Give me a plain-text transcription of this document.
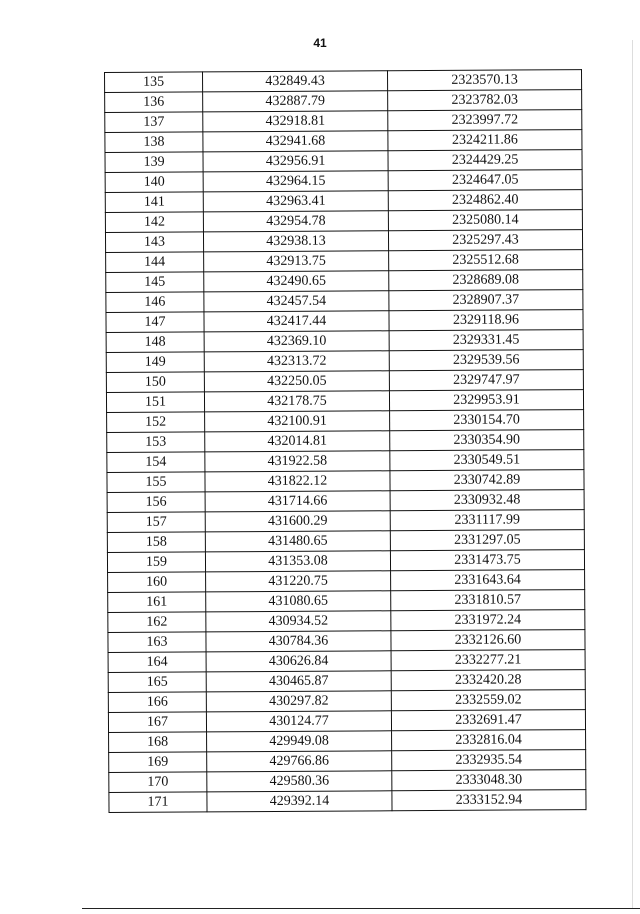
41
135	432849.43	2323570.13
136	432887.79	2323782.03
137	432918.81	2323997.72
138	432941.68	2324211.86
139	432956.91	2324429.25
140	432964.15	2324647.05
141	432963.41	2324862.40
142	432954.78	2325080.14
143	432938.13	2325297.43
144	432913.75	2325512.68
145	432490.65	2328689.08
146	432457.54	2328907.37
147	432417.44	2329118.96
148	432369.10	2329331.45
149	432313.72	2329539.56
150	432250.05	2329747.97
151	432178.75	2329953.91
152	432100.91	2330154.70
153	432014.81	2330354.90
154	431922.58	2330549.51
155	431822.12	2330742.89
156	431714.66	2330932.48
157	431600.29	2331117.99
158	431480.65	2331297.05
159	431353.08	2331473.75
160	431220.75	2331643.64
161	431080.65	2331810.57
162	430934.52	2331972.24
163	430784.36	2332126.60
164	430626.84	2332277.21
165	430465.87	2332420.28
166	430297.82	2332559.02
167	430124.77	2332691.47
168	429949.08	2332816.04
169	429766.86	2332935.54
170	429580.36	2333048.30
171	429392.14	2333152.94
